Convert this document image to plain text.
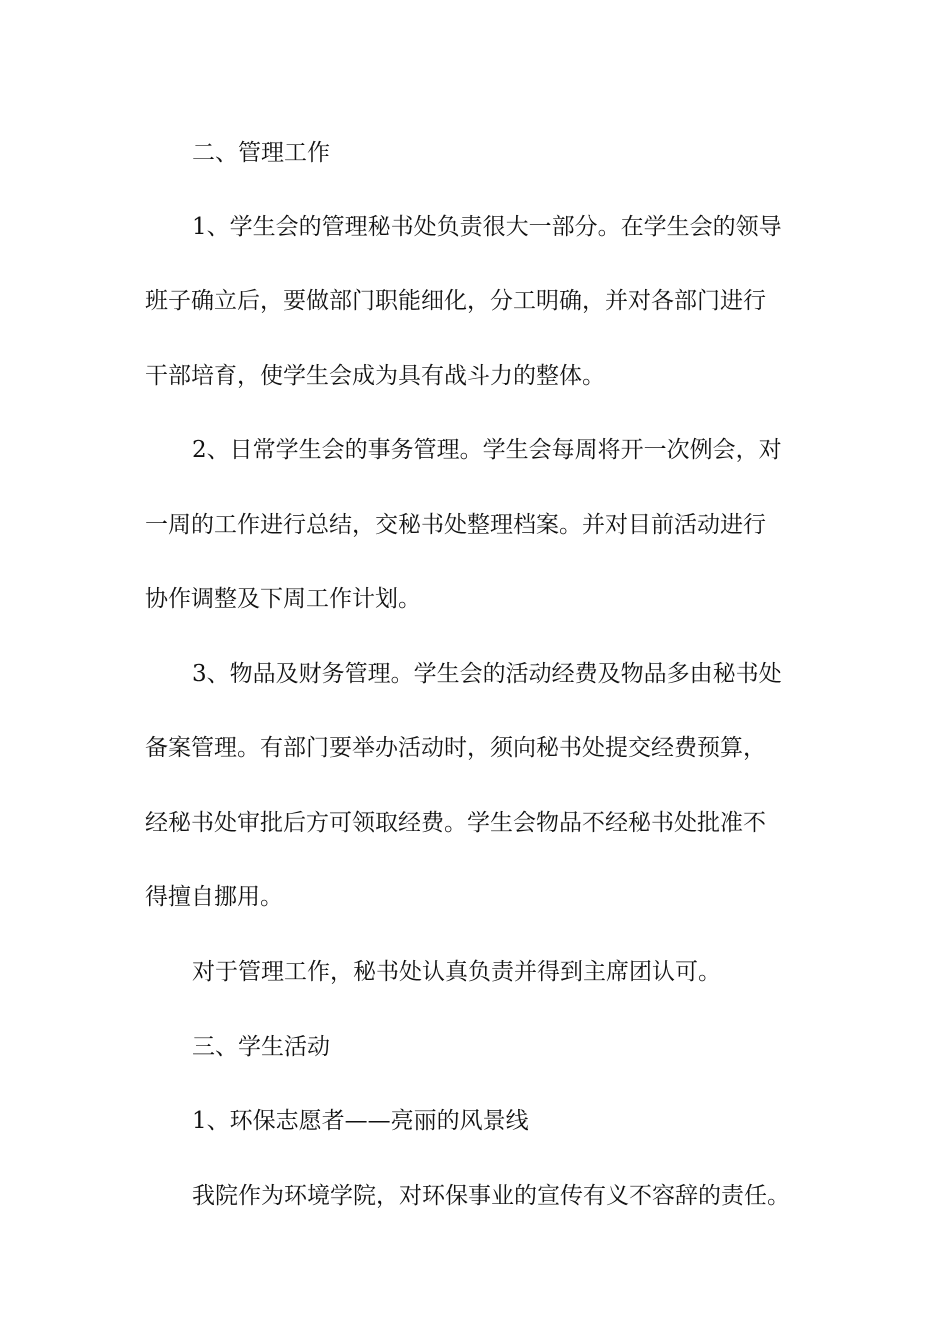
二、管理工作
1、学生会的管理秘书处负责很大一部分。在学生会的领导
班子确立后，要做部门职能细化，分工明确，并对各部门进行
干部培育，使学生会成为具有战斗力的整体。
2、日常学生会的事务管理。学生会每周将开一次例会，对
一周的工作进行总结，交秘书处整理档案。并对目前活动进行
协作调整及下周工作计划。
3、物品及财务管理。学生会的活动经费及物品多由秘书处
备案管理。有部门要举办活动时，须向秘书处提交经费预算，
经秘书处审批后方可领取经费。学生会物品不经秘书处批准不
得擅自挪用。
对于管理工作，秘书处认真负责并得到主席团认可。
三、学生活动
1、环保志愿者——亮丽的风景线
我院作为环境学院，对环保事业的宣传有义不容辞的责任。
